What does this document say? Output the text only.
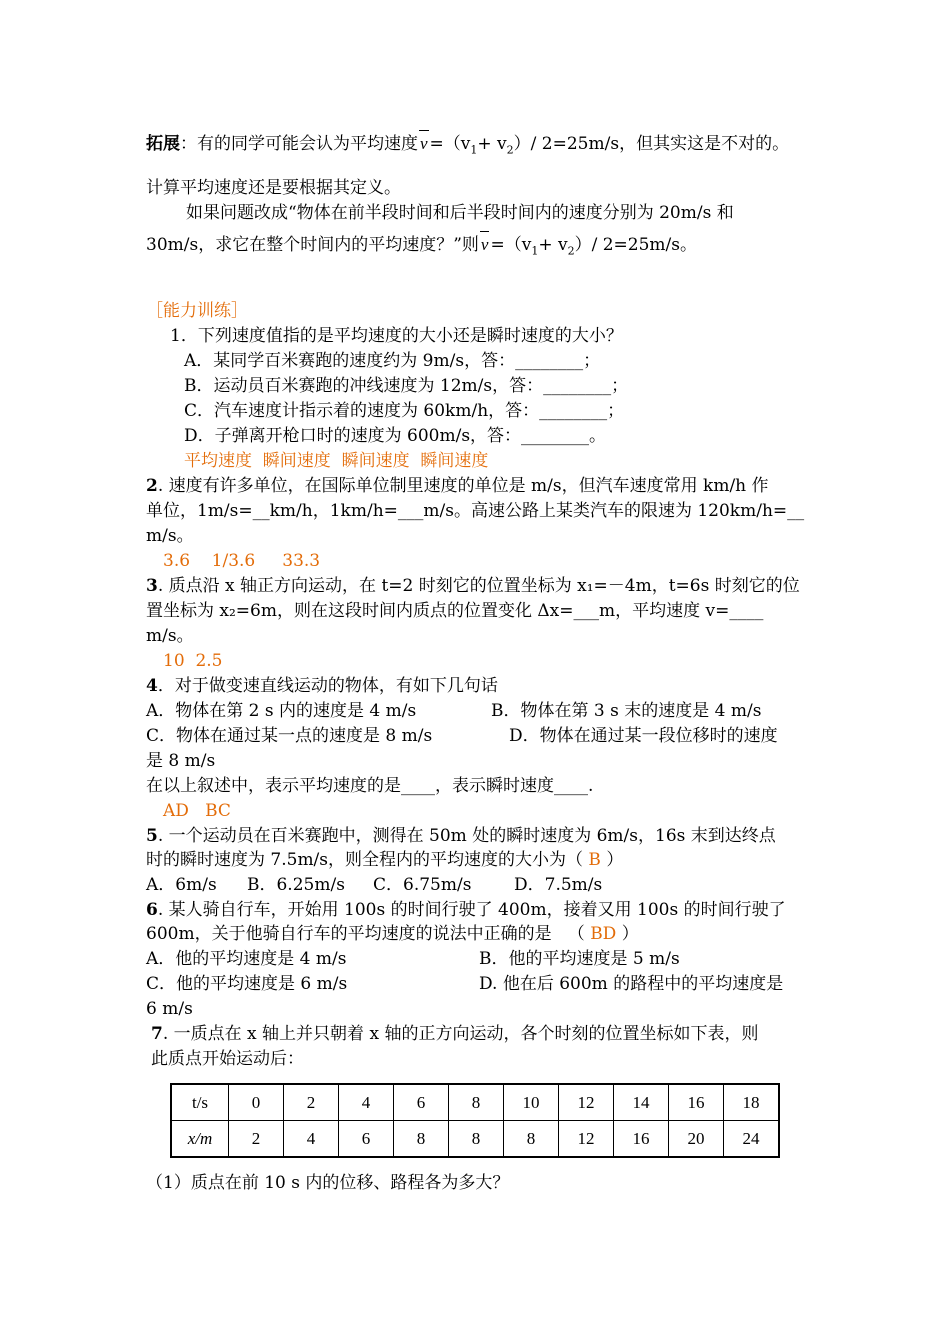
拓展：有的同学可能会认为平均速度 $v =(v_1+ v_2)/$ 2=25m/s，但其实这是不对的。
计算平均速度还是要根据其定义。
如果问题改成“物体在前半段时间和后半段时间内的速度分别为 20m/s 和
30m/s，求它在整个时间内的平均速度？”则 $v =(v_1+ v_2)/$ 2=25m/s。
［能力训练］
1．下列速度值指的是平均速度的大小还是瞬时速度的大小？
A．某同学百米赛跑的速度约为 9m/s，答：________；
B．运动员百米赛跑的冲线速度为 12m/s，答：________；
C．汽车速度计指示着的速度为 60km/h，答：________；
D．子弹离开枪口时的速度为 600m/s，答：________。
平均速度  瞬间速度  瞬间速度  瞬间速度
2. 速度有许多单位，在国际单位制里速度的单位是 m/s，但汽车速度常用 km/h 作
单位，1m/s=__km/h，1km/h=___m/s。高速公路上某类汽车的限速为 120km/h=__
m/s。
3.6    1/3.6     33.3
3. 质点沿 x 轴正方向运动，在 t=2 时刻它的位置坐标为 x₁=－4m，t=6s 时刻它的位
置坐标为 x₂=6m，则在这段时间内质点的位置变化 Δx=___m，平均速度 v=____
m/s。
10  2.5
4．对于做变速直线运动的物体，有如下几句话
A．物体在第 2 s 内的速度是 4 m/s	B．物体在第 3 s 末的速度是 4 m/s
C．物体在通过某一点的速度是 8 m/s	D．物体在通过某一段位移时的速度
是 8 m/s
在以上叙述中，表示平均速度的是____，表示瞬时速度____.
AD   BC
5. 一个运动员在百米赛跑中，测得在 50m 处的瞬时速度为 6m/s，16s 末到达终点
时的瞬时速度为 7.5m/s，则全程内的平均速度的大小为（ B ）
A．6m/s B．6.25m/s C．6.75m/s	D．7.5m/s
6. 某人骑自行车，开始用 100s 的时间行驶了 400m，接着又用 100s 的时间行驶了
600m，关于他骑自行车的平均速度的说法中正确的是   （ BD ）
A．他的平均速度是 4 m/s	B．他的平均速度是 5 m/s
C．他的平均速度是 6 m/s	D. 他在后 600m 的路程中的平均速度是
6 m/s
7. 一质点在 x 轴上并只朝着 x 轴的正方向运动，各个时刻的位置坐标如下表，则
此质点开始运动后：
t/s	0	2	4	6	8	10	12	14	16	18
x/m	2	4	6	8	8	8	12	16	20	24
（1）质点在前 10 s 内的位移、路程各为多大？
